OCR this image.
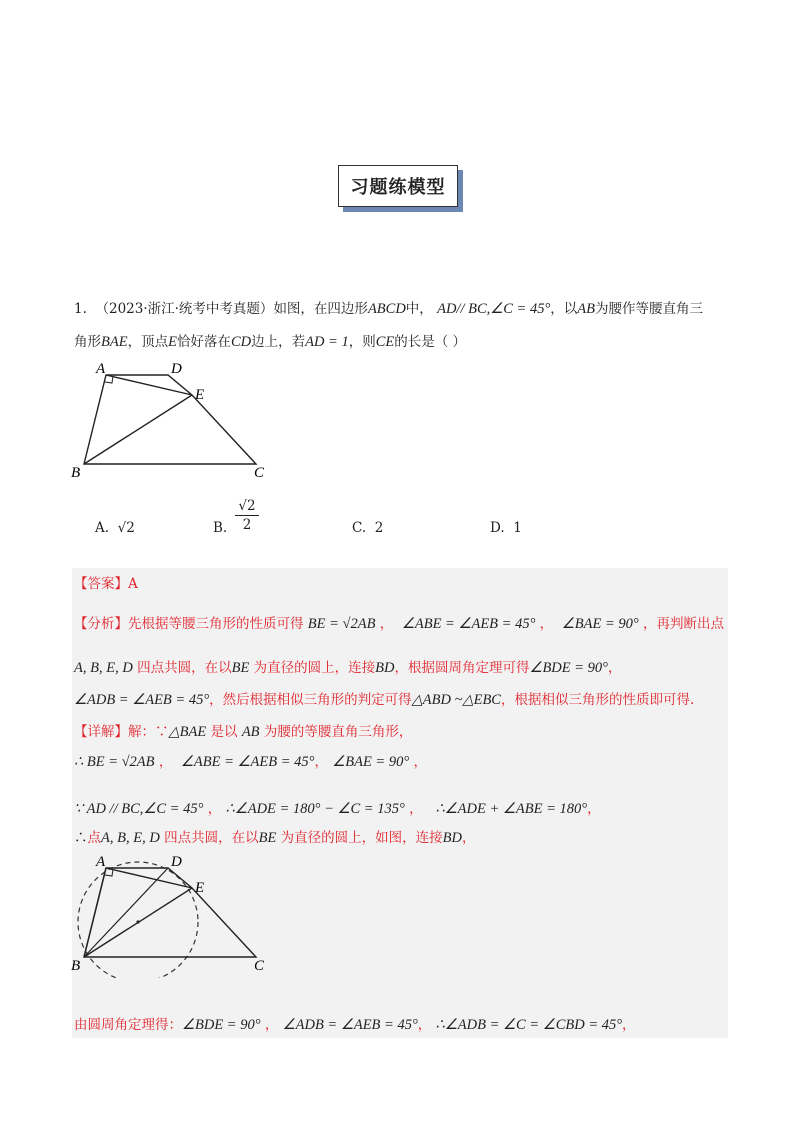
习题练模型
1. （2023·浙江·统考中考真题）如图，在四边形ABCD中， AD// BC,∠C = 45°，以AB为腰作等腰直角三
角形BAE，顶点E恰好落在CD边上，若AD = 1，则CE的长是（ ）
A	D
E
B	C
A. √2	B.
√2
2	C. 2	D. 1
【答案】A
【分析】先根据等腰三角形的性质可得 BE = √2AB ， ∠ABE = ∠AEB = 45° ， ∠BAE = 90° ，再判断出点
A, B, E, D 四点共圆，在以BE 为直径的圆上，连接BD，根据圆周角定理可得∠BDE = 90°，
∠ADB = ∠AEB = 45°，然后根据相似三角形的判定可得△ABD ~△EBC，根据相似三角形的性质即可得.
【详解】解：∵△BAE 是以 AB 为腰的等腰直角三角形，
∴ BE = √2AB ， ∠ABE = ∠AEB = 45°， ∠BAE = 90° ，
∵ AD // BC,∠C = 45° ， ∴∠ADE = 180° − ∠C = 135° ， ∴∠ADE + ∠ABE = 180°，
∴点A, B, E, D 四点共圆，在以BE 为直径的圆上，如图，连接BD，
A	D
E
B	C
由圆周角定理得：∠BDE = 90° ， ∠ADB = ∠AEB = 45°， ∴∠ADB = ∠C = ∠CBD = 45°，
